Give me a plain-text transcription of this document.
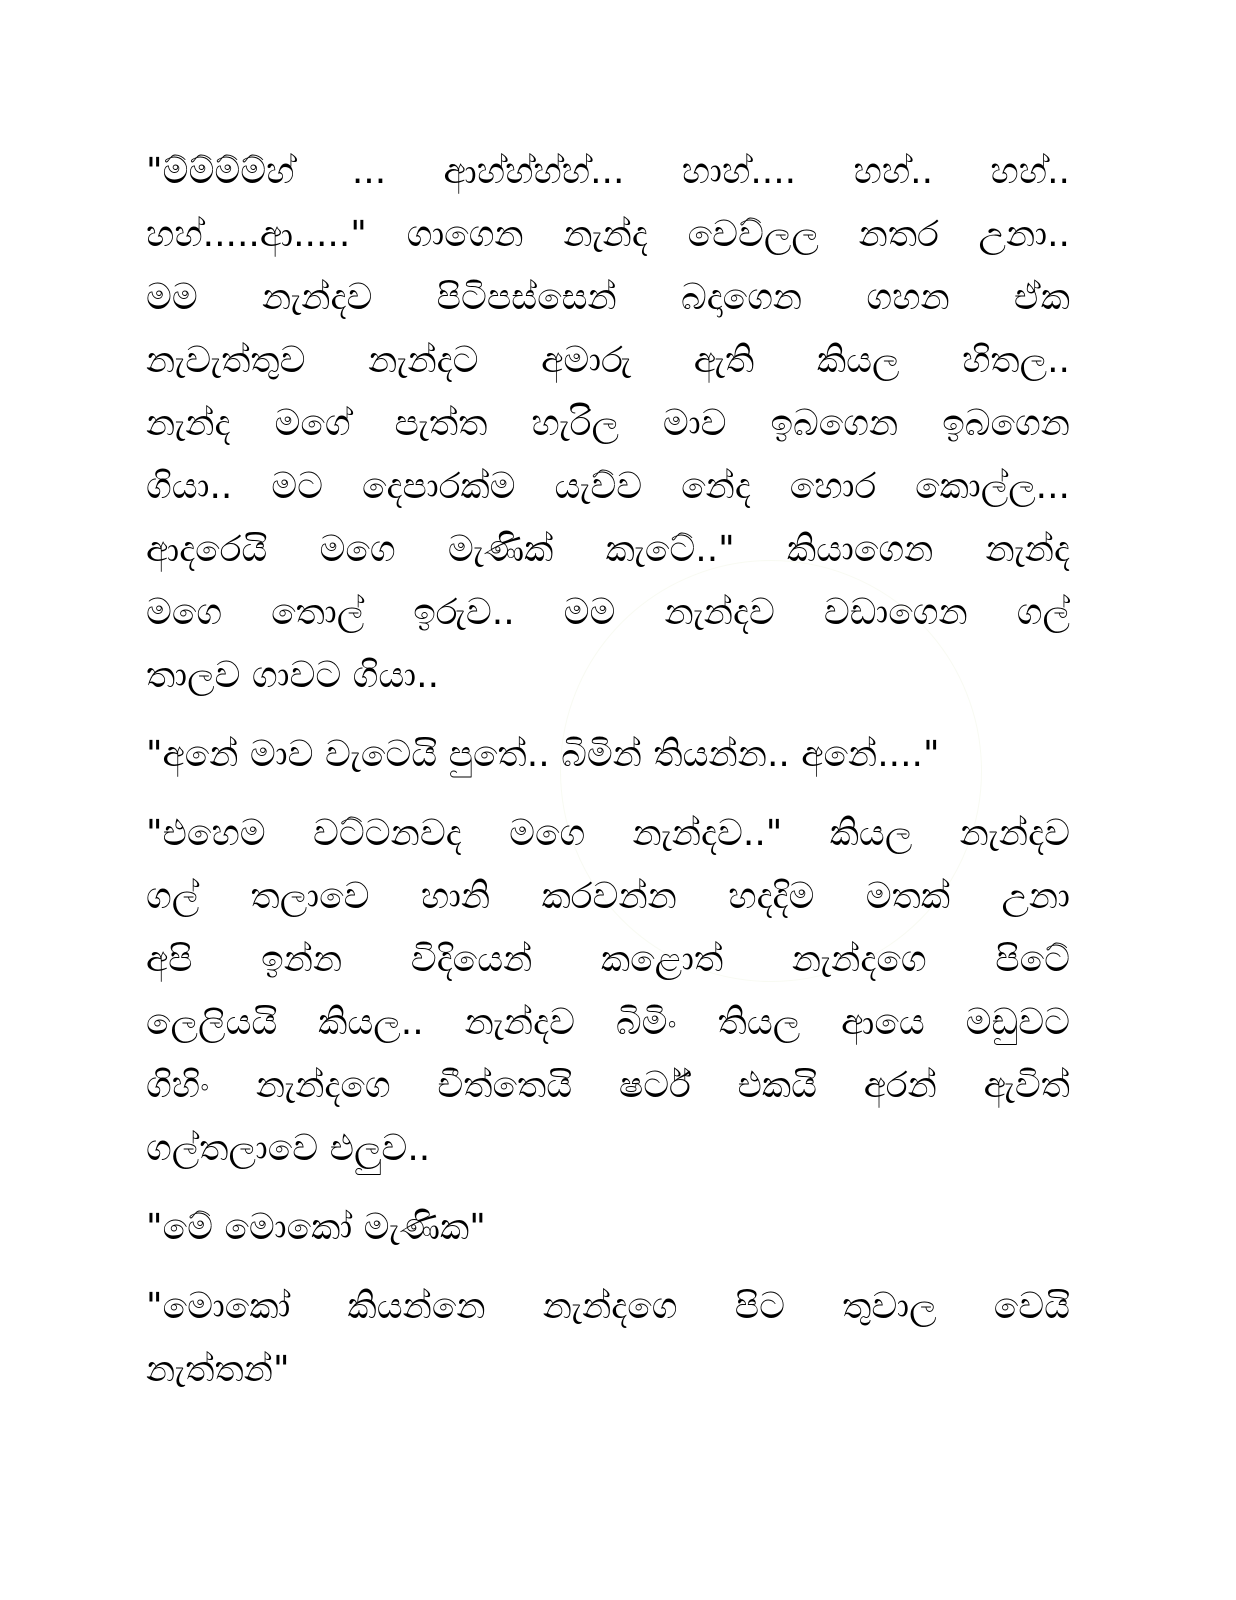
"ම්ම්ම්ම්හ් ... ආහ්හ්හ්හ්... හාහ්.... හහ්.. හහ්..
හහ්.....ආ....." ගාගෙන නැන්ද වෙව්ලල නතර උනා..
මම නැන්දව පිටිපස්සෙන් බදාගෙන ගහන ඒක
නැවැත්තුව නැන්දට අමාරු ඇති කියල හිතල..
නැන්ද මගේ පැත්ත හැරිල මාව ඉබගෙන ඉබගෙන
ගියා.. මට දෙපාරක්ම යැව්ව නේද හොර කොල්ල...
ආදරෙයි මගෙ මැණික් කැටේ.." කියාගෙන නැන්ද
මගෙ තොල් ඉරුව.. මම නැන්දව වඩාගෙන ගල්
තාලව ගාවට ගියා..
"අනේ මාව වැටෙයි පුතේ.. බිමින් තියන්න.. අනේ...."
"එහෙම වට්ටනවද මගෙ නැන්දව.." කියල නැන්දව
ගල් තලාවෙ හානි කරවන්න හදදිම මතක් උනා
අපි ඉන්න විදියෙන් කළොත් නැන්දගෙ පිටේ
ලෙලියයි කියල.. නැන්දව බිමිං තියල ආයෙ මඩුවට
ගිහිං නැන්දගෙ චීත්තෙයි ෂර්ට් එකයි අරන් ඇවිත්
ගල්තලාවෙ එලුව..
"මේ මොකෝ මැණික"
"මොකෝ කියන්නෙ නැන්දගෙ පිට තුවාල වෙයි
නැත්තන්"
